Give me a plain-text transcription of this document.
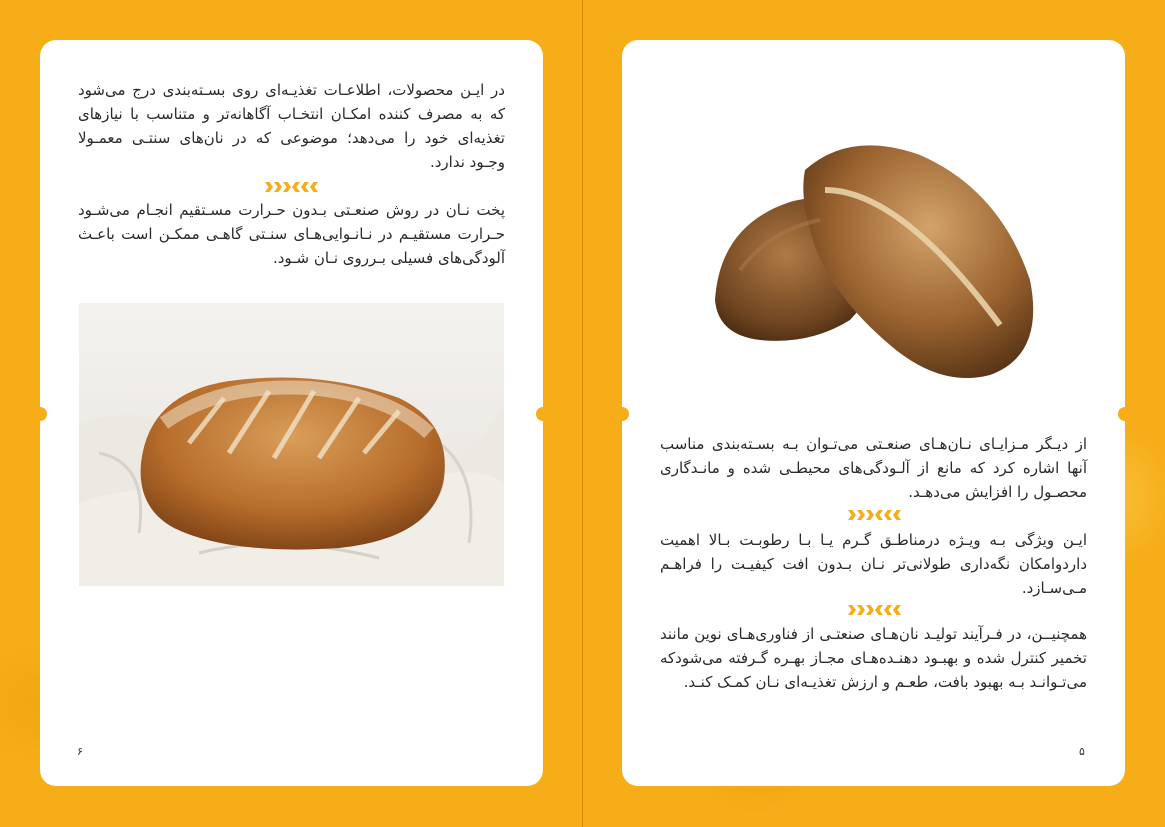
در ایـن محصولات، اطلاعـات تغذیـه‌ای روی بسـته‌بندی درج می‌شود که به مصرف کننده امکـان انتخـاب آگاهانه‌تر و متناسب با نیازهای تغذیه‌ای خود را می‌دهد؛ موضوعی که در نان‌های سنتـی معمـولا وجـود ندارد.

پخت نـان در روش صنعـتی بـدون حـرارت مسـتقیم انجـام می‌شـود حـرارت مستقیـم در نـانـوایی‌هـای سنـتی گاهـی ممکـن است باعـث آلودگی‌های فسیلی بـرروی نـان شـود.

۶

از دیـگر مـزایـای نـان‌هـای صنعـتی می‌تـوان بـه بسـته‌بندی مناسب آنها اشاره کرد که مانع از آلـودگی‌های محیطـی شده و مانـدگاری محصـول را افزایش می‌دهـد.

ایـن ویژگی بـه ویـژه درمناطـق گـرم یـا بـا رطوبـت بـالا اهمیت داردوامکان نگه‌داری طولانی‌تر نـان بـدون افت کیفیـت را فراهـم مـی‌سـازد.

همچنیــن، در فـرآیند تولیـد نان‌هـای صنعتـی از فناوری‌هـای نوین مانند تخمیر کنترل شده و بهبـود دهنـده‌هـای مجـاز بهـره گـرفته می‌شودکه می‌تـوانـد بـه بهبود بافت، طعـم و ارزش تغذیـه‌ای نـان کمـک کنـد.

۵
